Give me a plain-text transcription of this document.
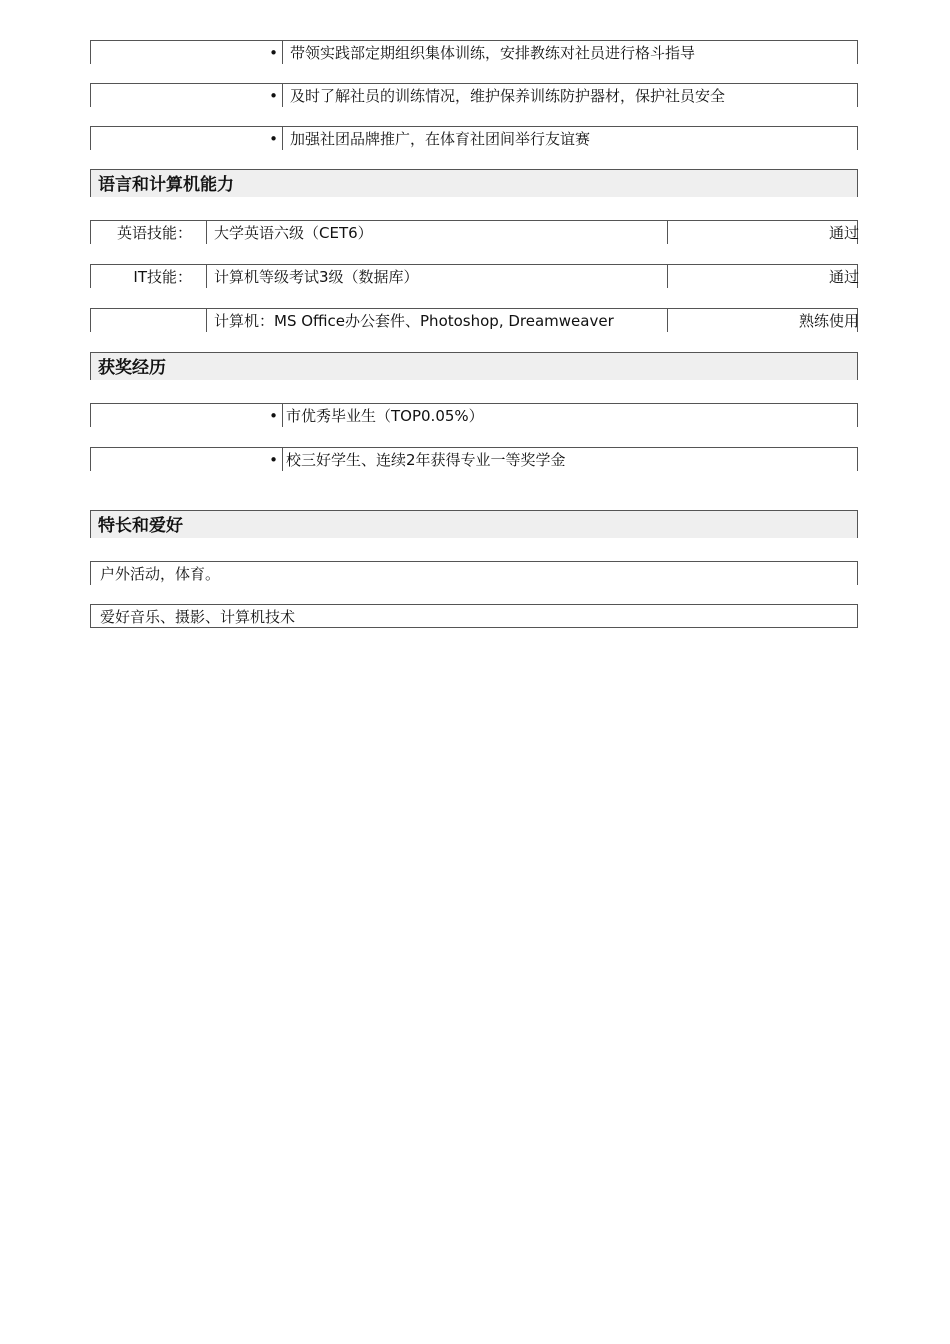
• 带领实践部定期组织集体训练，安排教练对社员进行格斗指导
• 及时了解社员的训练情况，维护保养训练防护器材，保护社员安全
• 加强社团品牌推广，在体育社团间举行友谊赛
语言和计算机能力
英语技能：	大学英语六级（CET6）	通过
IT技能：	计算机等级考试3级（数据库）	通过
计算机：MS Office办公套件、Photoshop, Dreamweaver	熟练使用
获奖经历
• 市优秀毕业生（TOP0.05%）
• 校三好学生、连续2年获得专业一等奖学金
特长和爱好
户外活动，体育。
爱好音乐、摄影、计算机技术
